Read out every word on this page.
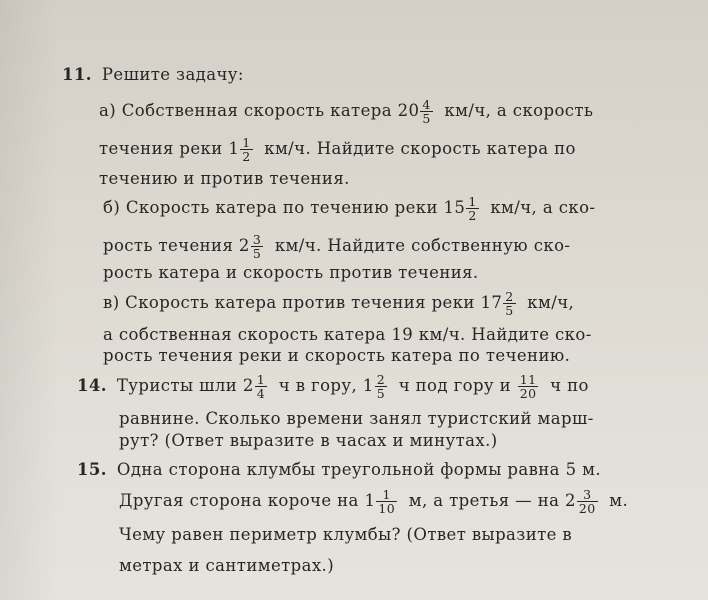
11. Решите задачу:
а) Собственная скорость катера $20 \frac{4}{5} км/ч$, а скорость
течения реки $1 \frac{1}{2} км/ч$. Найдите скорость катера по
течению и против течения.
б) Скорость катера по течению реки $15 \frac{1}{2} км/ч$, а ско-
рость течения $2 \frac{3}{5} км/ч$. Найдите собственную ско-
рость катера и скорость против течения.
в) Скорость катера против течения реки $17 \frac{2}{5} км/ч$,
а собственная скорость катера 19 км/ч. Найдите ско-
рость течения реки и скорость катера по течению.
14. Туристы шли $2 \frac{1}{4}$ ч в гору, $1 \frac{2}{5}$ ч под гору и $\frac{11}{20}$ ч по
равнине. Сколько времени занял туристский марш-
рут? (Ответ выразите в часах и минутах.)
15. Одна сторона клумбы треугольной формы равна 5 м.
Другая сторона короче на $1 \frac{1}{10} м$, а третья — на $2 \frac{3}{20} м$.
Чему равен периметр клумбы? (Ответ выразите в
метрах и сантиметрах.)
